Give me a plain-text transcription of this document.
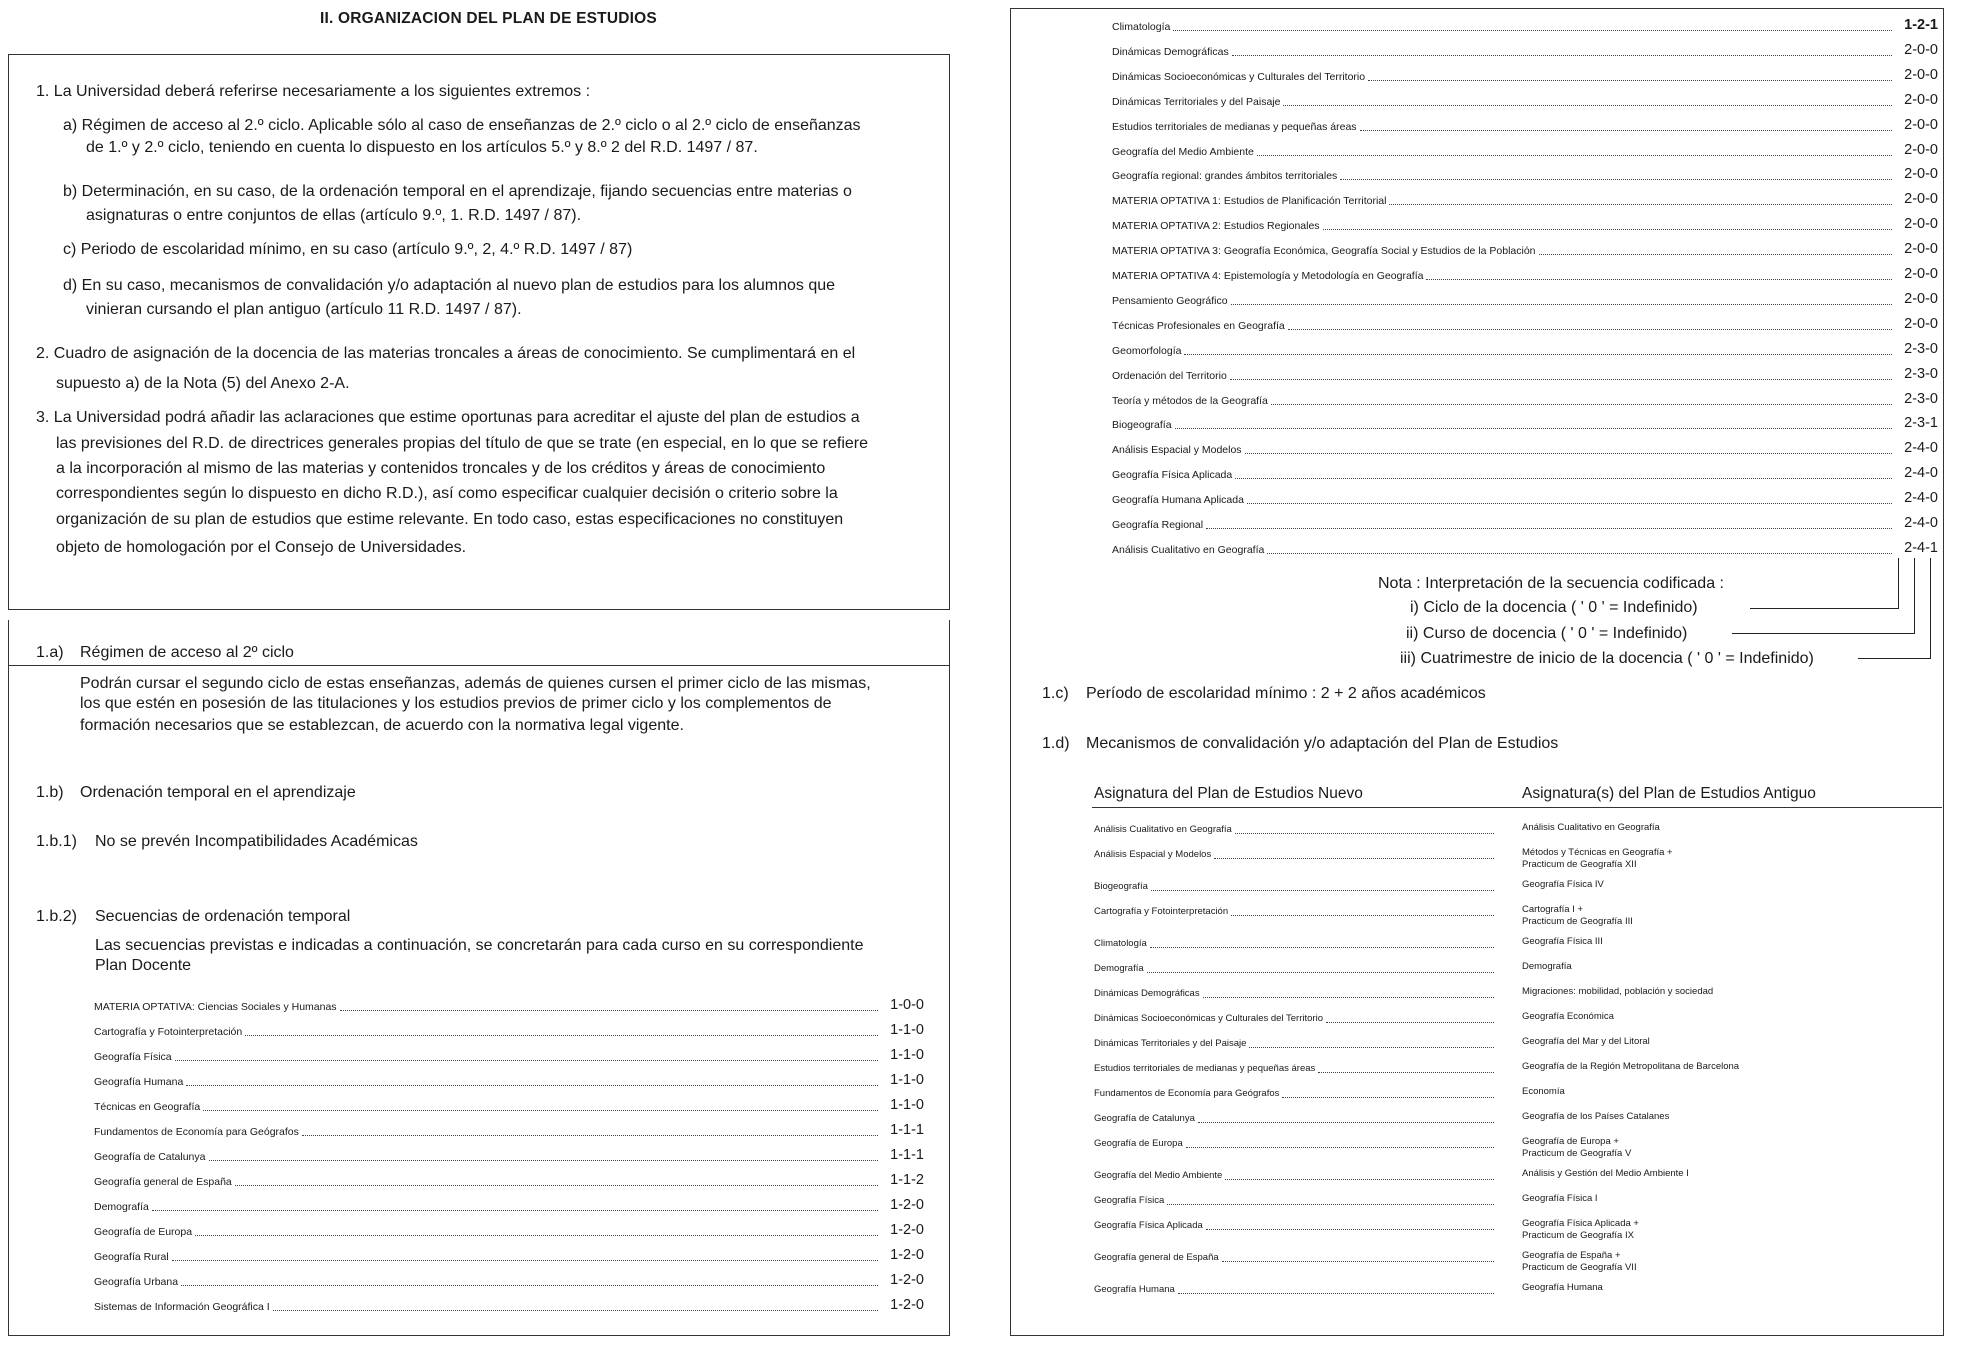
II. ORGANIZACION DEL PLAN DE ESTUDIOS
1. La Universidad deberá referirse necesariamente a los siguientes extremos :
a) Régimen de acceso al 2.º ciclo. Aplicable sólo al caso de enseñanzas de 2.º ciclo o al 2.º ciclo de enseñanzas
de 1.º y 2.º ciclo, teniendo en cuenta lo dispuesto en los artículos 5.º y 8.º 2 del R.D. 1497 / 87.
b) Determinación, en su caso, de la ordenación temporal en el aprendizaje, fijando secuencias entre materias o
asignaturas o entre conjuntos de ellas (artículo 9.º, 1. R.D. 1497 / 87).
c) Periodo de escolaridad mínimo, en su caso (artículo 9.º, 2, 4.º R.D. 1497 / 87)
d) En su caso, mecanismos de convalidación y/o adaptación al nuevo plan de estudios para los alumnos que
vinieran cursando el plan antiguo (artículo 11 R.D. 1497 / 87).
2. Cuadro de asignación de la docencia de las materias troncales a áreas de conocimiento. Se cumplimentará en el
supuesto a) de la Nota (5) del Anexo 2-A.
3. La Universidad podrá añadir las aclaraciones que estime oportunas para acreditar el ajuste del plan de estudios a
las previsiones del R.D. de directrices generales propias del título de que se trate (en especial, en lo que se refiere
a la incorporación al mismo de las materias y contenidos troncales y de los créditos y áreas de conocimiento
correspondientes según lo dispuesto en dicho R.D.), así como especificar cualquier decisión o criterio sobre la
organización de su plan de estudios que estime relevante. En todo caso, estas especificaciones no constituyen
objeto de homologación por el Consejo de Universidades.
1.a) Régimen de acceso al 2º ciclo
Podrán cursar el segundo ciclo de estas enseñanzas, además de quienes cursen el primer ciclo de las mismas,
los que estén en posesión de las titulaciones y los estudios previos de primer ciclo y los complementos de
formación necesarios que se establezcan, de acuerdo con la normativa legal vigente.
1.b) Ordenación temporal en el aprendizaje
1.b.1) No se prevén Incompatibilidades Académicas
1.b.2) Secuencias de ordenación temporal
Las secuencias previstas e indicadas a continuación, se concretarán para cada curso en su correspondiente
Plan Docente
MATERIA OPTATIVA: Ciencias Sociales y Humanas	1-0-0
Cartografía y Fotointerpretación	1-1-0
Geografía Física	1-1-0
Geografía Humana	1-1-0
Técnicas en Geografía	1-1-0
Fundamentos de Economía para Geógrafos	1-1-1
Geografía de Catalunya	1-1-1
Geografía general de España	1-1-2
Demografía	1-2-0
Geografía de Europa	1-2-0
Geografía Rural	1-2-0
Geografía Urbana	1-2-0
Sistemas de Información Geográfica I	1-2-0
Climatología	1-2-1
Dinámicas Demográficas	2-0-0
Dinámicas Socioeconómicas y Culturales del Territorio	2-0-0
Dinámicas Territoriales y del Paisaje	2-0-0
Estudios territoriales de medianas y pequeñas áreas	2-0-0
Geografía del Medio Ambiente	2-0-0
Geografía regional: grandes ámbitos territoriales	2-0-0
MATERIA OPTATIVA 1: Estudios de Planificación Territorial	2-0-0
MATERIA OPTATIVA 2: Estudios Regionales	2-0-0
MATERIA OPTATIVA 3: Geografía Económica, Geografía Social y Estudios de la Población	2-0-0
MATERIA OPTATIVA 4: Epistemología y Metodología en Geografía	2-0-0
Pensamiento Geográfico	2-0-0
Técnicas Profesionales en Geografía	2-0-0
Geomorfología	2-3-0
Ordenación del Territorio	2-3-0
Teoría y métodos de la Geografía	2-3-0
Biogeografía	2-3-1
Análisis Espacial y Modelos	2-4-0
Geografía Física Aplicada	2-4-0
Geografía Humana Aplicada	2-4-0
Geografía Regional	2-4-0
Análisis Cualitativo en Geografía	2-4-1
Nota : Interpretación de la secuencia codificada :
i) Ciclo de la docencia ( ' 0 ' = Indefinido)
ii) Curso de docencia ( ' 0 ' = Indefinido)
iii) Cuatrimestre de inicio de la docencia ( ' 0 ' = Indefinido)
1.c) Período de escolaridad mínimo : 2 + 2 años académicos
1.d) Mecanismos de convalidación y/o adaptación del Plan de Estudios
Asignatura del Plan de Estudios Nuevo	Asignatura(s) del Plan de Estudios Antiguo
Análisis Cualitativo en Geografía	Análisis Cualitativo en Geografía
Análisis Espacial y Modelos	Métodos y Técnicas en Geografía +
Practicum de Geografía XII
Biogeografía	Geografía Física IV
Cartografía y Fotointerpretación	Cartografía I +
Practicum de Geografía III
Climatología	Geografía Física III
Demografía	Demografía
Dinámicas Demográficas	Migraciones: mobilidad, población y sociedad
Dinámicas Socioeconómicas y Culturales del Territorio	Geografía Económica
Dinámicas Territoriales y del Paisaje	Geografía del Mar y del Litoral
Estudios territoriales de medianas y pequeñas áreas	Geografía de la Región Metropolitana de Barcelona
Fundamentos de Economía para Geógrafos	Economía
Geografía de Catalunya	Geografía de los Países Catalanes
Geografía de Europa	Geografía de Europa +
Practicum de Geografía V
Geografía del Medio Ambiente	Análisis y Gestión del Medio Ambiente I
Geografía Física	Geografía Física I
Geografía Física Aplicada	Geografía Física Aplicada +
Practicum de Geografía IX
Geografía general de España	Geografía de España +
Practicum de Geografía VII
Geografía Humana	Geografía Humana
